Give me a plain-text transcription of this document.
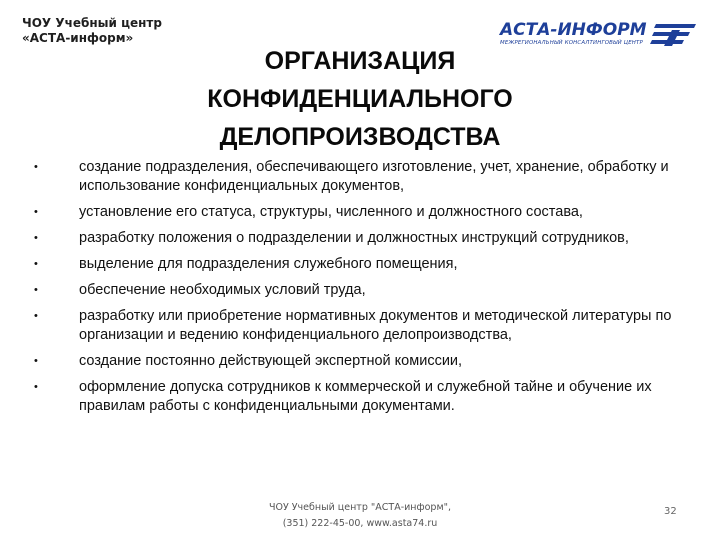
ЧОУ Учебный центр
«АСТА-информ»	АСТА-ИНФОРМ
МЕЖРЕГИОНАЛЬНЫЙ КОНСАЛТИНГОВЫЙ ЦЕНТР
ОРГАНИЗАЦИЯ
КОНФИДЕНЦИАЛЬНОГО
ДЕЛОПРОИЗВОДСТВА
•	создание подразделения, обеспечивающего изготовление, учет, хранение, обработку и использование конфиденциальных документов,
•	установление его статуса, структуры, численного и должностного состава,
•	разработку положения о подразделении и должностных инструкций сотрудников,
•	выделение для подразделения служебного помещения,
•	обеспечение необходимых условий труда,
•	разработку или приобретение нормативных документов и методической литературы по организации и ведению конфиденциального делопроизводства,
•	создание постоянно действующей экспертной комиссии,
•	оформление допуска сотрудников к коммерческой и служебной тайне и обучение их правилам работы с конфиденциальными документами.
ЧОУ Учебный центр "АСТА-информ",
(351) 222-45-00, www.asta74.ru
32
